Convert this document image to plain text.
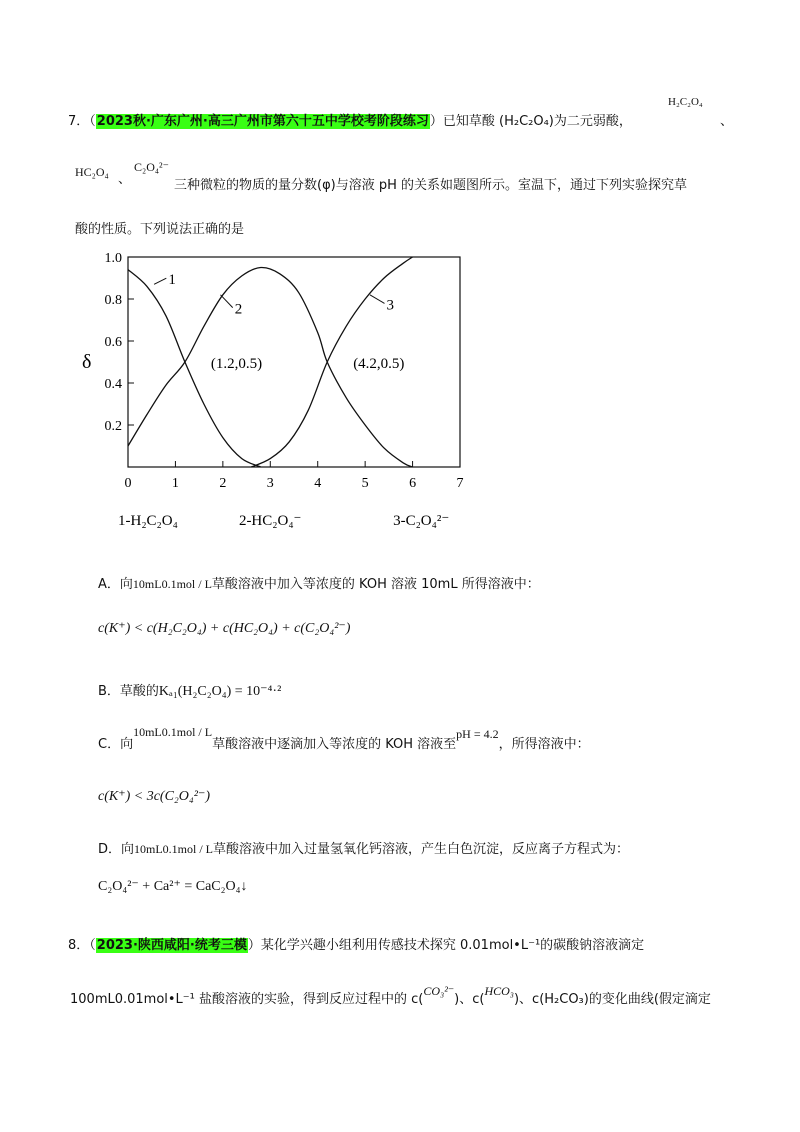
7．（2023秋·广东广州·高三广州市第六十五中学校考阶段练习）已知草酸 (H₂C₂O₄)为二元弱酸，
H₂C₂O₄
、
HC₂O₄ 、
C₂O₄²⁻
三种微粒的物质的量分数(φ)与溶液 pH 的关系如题图所示。室温下，通过下列实验探究草
酸的性质。下列说法正确的是
0	1	2	3	4	5	6	7
0.2
0.4
0.6
0.8
1.0
δ
1
2	3
(1.2,0.5)	(4.2,0.5)
1-H₂C₂O₄	2-HC₂O₄⁻	3-C₂O₄²⁻
A．向10mL0.1mol / L草酸溶液中加入等浓度的 KOH 溶液 10mL 所得溶液中：
c(K⁺) < c(H₂C₂O₄) + c(HC₂O₄) + c(C₂O₄²⁻)
B．草酸的Kₐ₁(H₂C₂O₄) = 10⁻⁴·²
C．向10mL0.1mol / L草酸溶液中逐滴加入等浓度的 KOH 溶液至pH = 4.2，所得溶液中：
c(K⁺) < 3c(C₂O₄²⁻)
D．向10mL0.1mol / L草酸溶液中加入过量氢氧化钙溶液，产生白色沉淀，反应离子方程式为：
C₂O₄²⁻ + Ca²⁺ = CaC₂O₄↓
8．（2023·陕西咸阳·统考三模）某化学兴趣小组利用传感技术探究 0.01mol•L⁻¹的碳酸钠溶液滴定
100mL0.01mol•L⁻¹ 盐酸溶液的实验，得到反应过程中的 c(CO₃²⁻)、c(HCO₃)、c(H₂CO₃)的变化曲线(假定滴定
